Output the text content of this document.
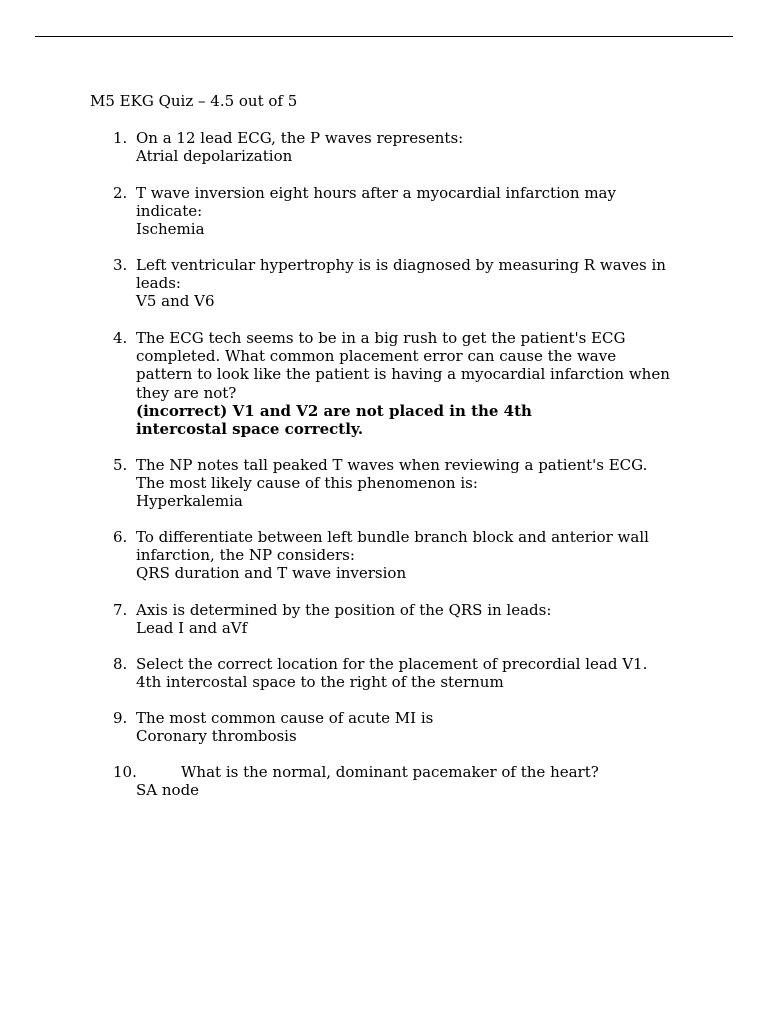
M5 EKG Quiz – 4.5 out of 5
1. On a 12 lead ECG, the P waves represents:
Atrial depolarization
2. T wave inversion eight hours after a myocardial infarction may indicate:
Ischemia
3. Left ventricular hypertrophy is is diagnosed by measuring R waves in leads:
V5 and V6
4. The ECG tech seems to be in a big rush to get the patient's ECG completed. What common placement error can cause the wave pattern to look like the patient is having a myocardial infarction when they are not?
(incorrect) V1 and V2 are not placed in the 4th intercostal space correctly.
5. The NP notes tall peaked T waves when reviewing a patient's ECG. The most likely cause of this phenomenon is:
Hyperkalemia
6. To differentiate between left bundle branch block and anterior wall infarction, the NP considers:
QRS duration and T wave inversion
7. Axis is determined by the position of the QRS in leads:
Lead I and aVf
8. Select the correct location for the placement of precordial lead V1.
4th intercostal space to the right of the sternum
9. The most common cause of acute MI is
Coronary thrombosis
10.	What is the normal, dominant pacemaker of the heart?
SA node
